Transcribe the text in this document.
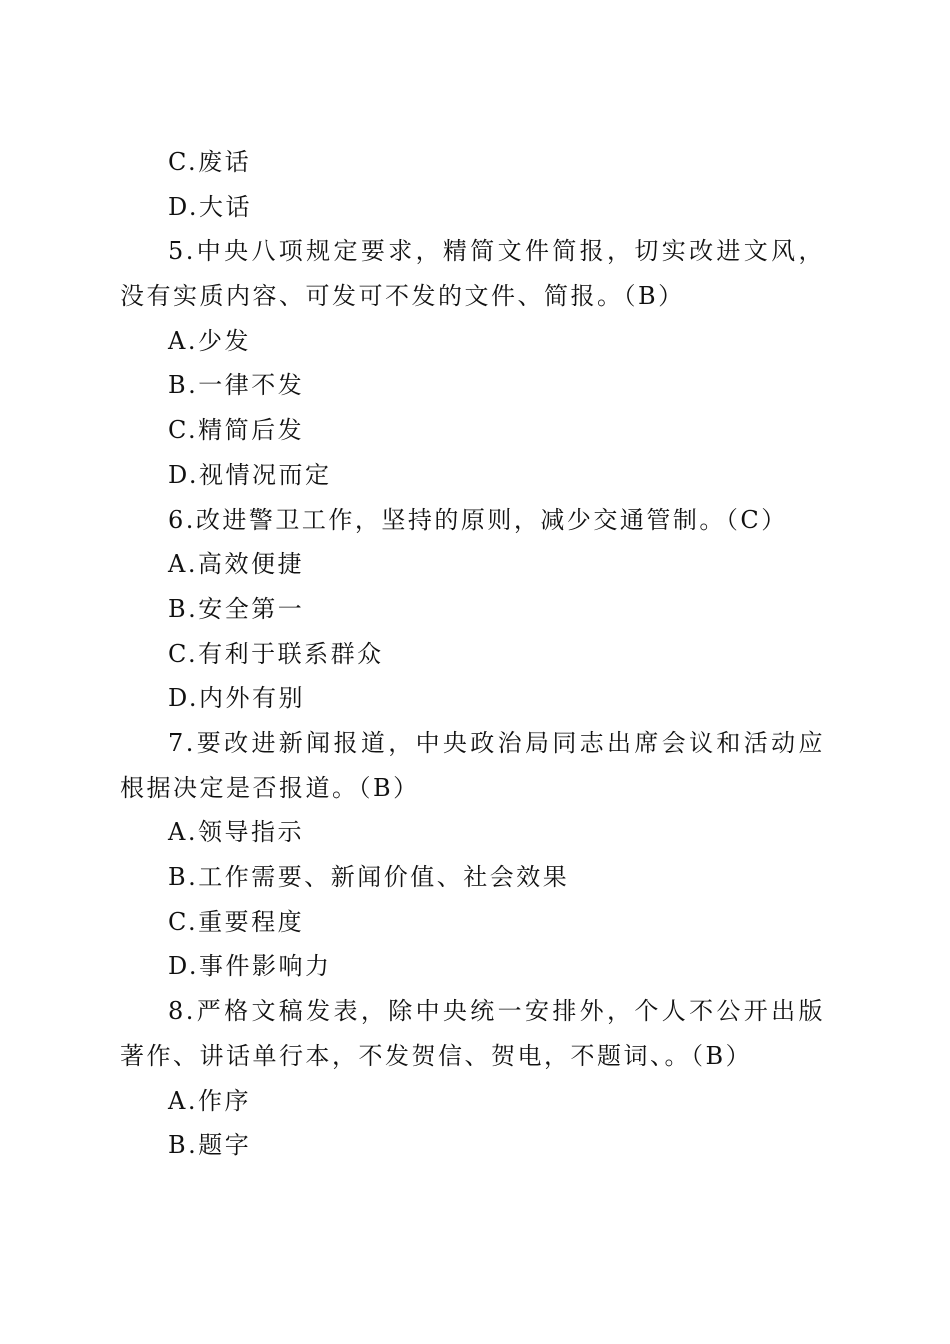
C.废话

D.大话

5.中央八项规定要求，精简文件简报，切实改进文风，没有实质内容、可发可不发的文件、简报。（B）

A.少发

B.一律不发

C.精简后发

D.视情况而定

6.改进警卫工作，坚持的原则，减少交通管制。（C）

A.高效便捷

B.安全第一

C.有利于联系群众

D.内外有别

7.要改进新闻报道，中央政治局同志出席会议和活动应根据决定是否报道。（B）

A.领导指示

B.工作需要、新闻价值、社会效果

C.重要程度

D.事件影响力

8.严格文稿发表，除中央统一安排外，个人不公开出版著作、讲话单行本，不发贺信、贺电，不题词、。（B）

A.作序

B.题字
